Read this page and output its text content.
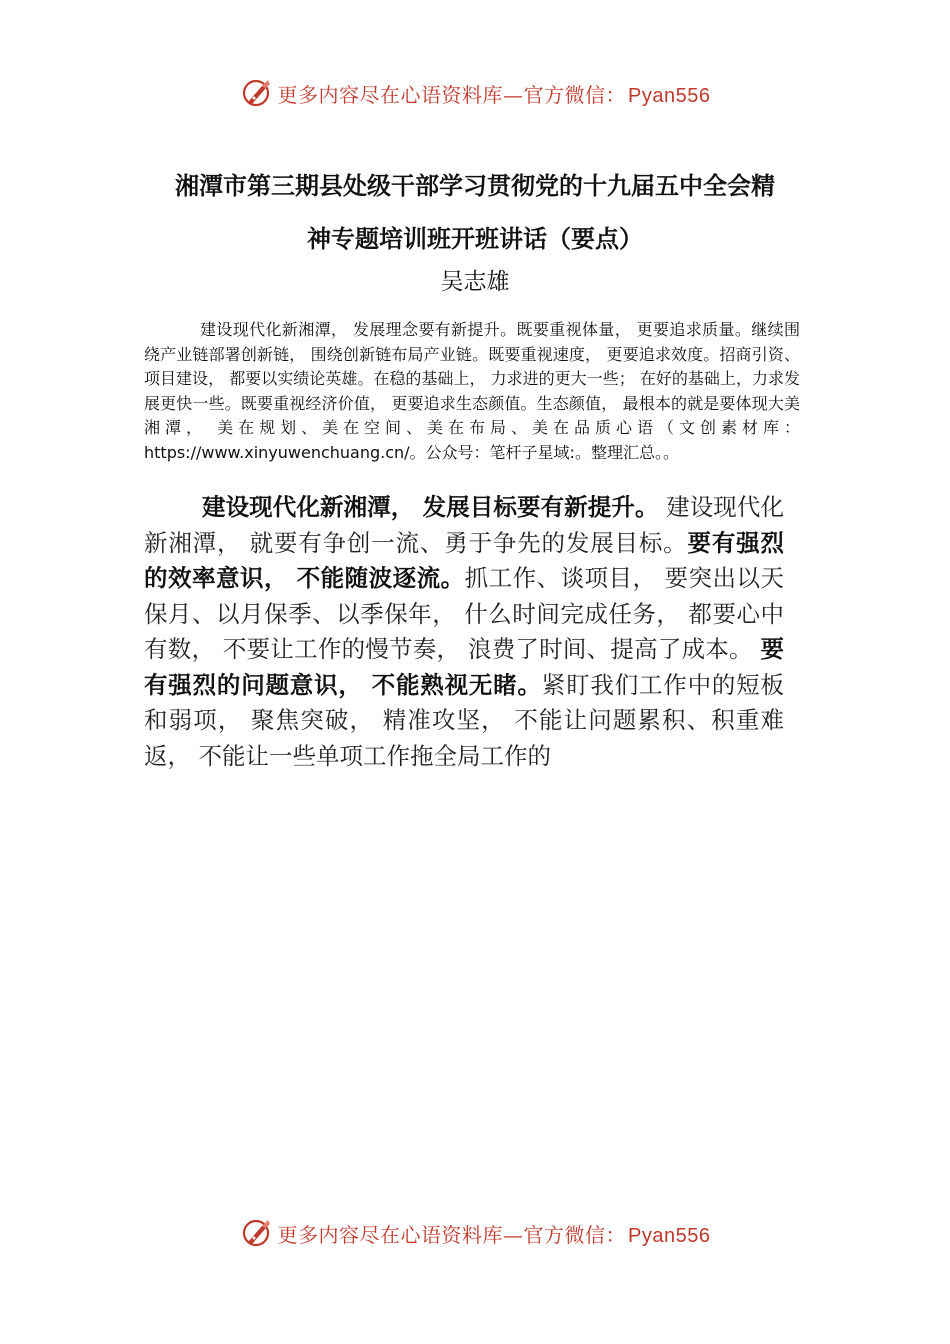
更多内容尽在心语资料库—官方微信： Pyan556
湘潭市第三期县处级干部学习贯彻党的十九届五中全会精
神专题培训班开班讲话（要点）
吴志雄

建设现代化新湘潭， 发展理念要有新提升。既要重视体量， 更要追求质量。继续围绕产业链部署创新链， 围绕创新链布局产业链。既要重视速度， 更要追求效度。招商引资、项目建设， 都要以实绩论英雄。在稳的基础上， 力求进的更大一些； 在好的基础上，力求发展更快一些。既要重视经济价值， 更要追求生态颜值。生态颜值， 最根本的就是要体现大美湘潭， 美在规划、美在空间、美在布局、美在品质心语（文创素材库：https://www.xinyuwenchuang.cn/。公众号：笔杆子星域:。整理汇总。。

建设现代化新湘潭， 发展目标要有新提升。 建设现代化新湘潭， 就要有争创一流、勇于争先的发展目标。要有强烈的效率意识， 不能随波逐流。抓工作、谈项目， 要突出以天保月、以月保季、以季保年， 什么时间完成任务， 都要心中有数， 不要让工作的慢节奏， 浪费了时间、提高了成本。 要有强烈的问题意识， 不能熟视无睹。紧盯我们工作中的短板和弱项， 聚焦突破， 精准攻坚， 不能让问题累积、积重难返， 不能让一些单项工作拖全局工作的

更多内容尽在心语资料库—官方微信： Pyan556
